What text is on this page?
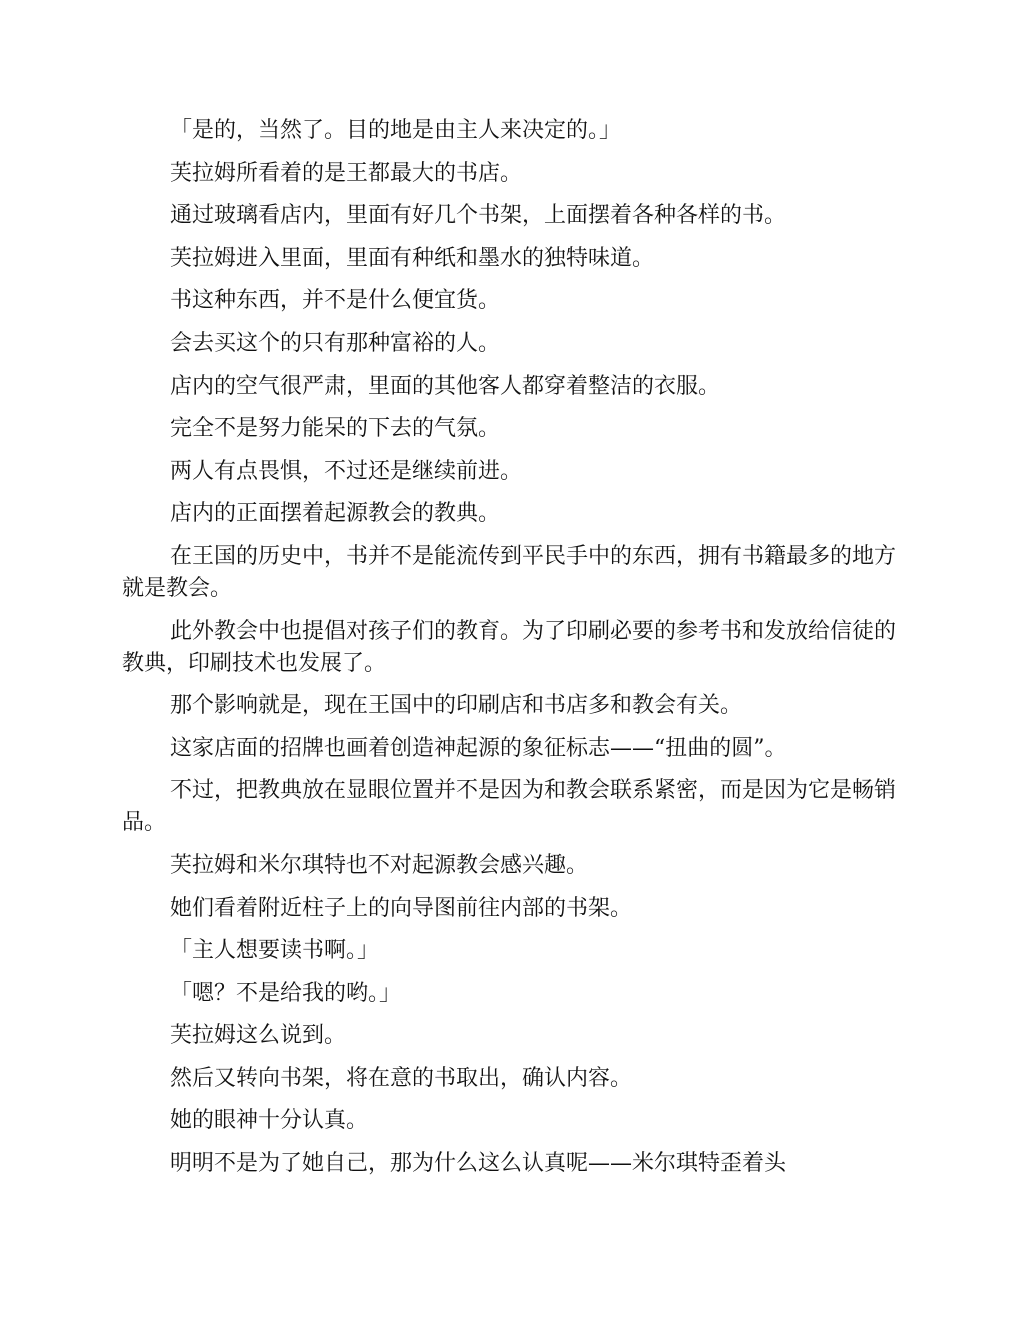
「是的，当然了。目的地是由主人来决定的。」

芙拉姆所看着的是王都最大的书店。

通过玻璃看店内，里面有好几个书架，上面摆着各种各样的书。

芙拉姆进入里面，里面有种纸和墨水的独特味道。

书这种东西，并不是什么便宜货。

会去买这个的只有那种富裕的人。

店内的空气很严肃，里面的其他客人都穿着整洁的衣服。

完全不是努力能呆的下去的气氛。

两人有点畏惧，不过还是继续前进。

店内的正面摆着起源教会的教典。

在王国的历史中，书并不是能流传到平民手中的东西，拥有书籍最多的地方就是教会。

此外教会中也提倡对孩子们的教育。为了印刷必要的参考书和发放给信徒的教典，印刷技术也发展了。

那个影响就是，现在王国中的印刷店和书店多和教会有关。

这家店面的招牌也画着创造神起源的象征标志——“扭曲的圆”。

不过，把教典放在显眼位置并不是因为和教会联系紧密，而是因为它是畅销品。

芙拉姆和米尔琪特也不对起源教会感兴趣。

她们看着附近柱子上的向导图前往内部的书架。

「主人想要读书啊。」

「嗯？不是给我的哟。」

芙拉姆这么说到。

然后又转向书架，将在意的书取出，确认内容。

她的眼神十分认真。

明明不是为了她自己，那为什么这么认真呢——米尔琪特歪着头
